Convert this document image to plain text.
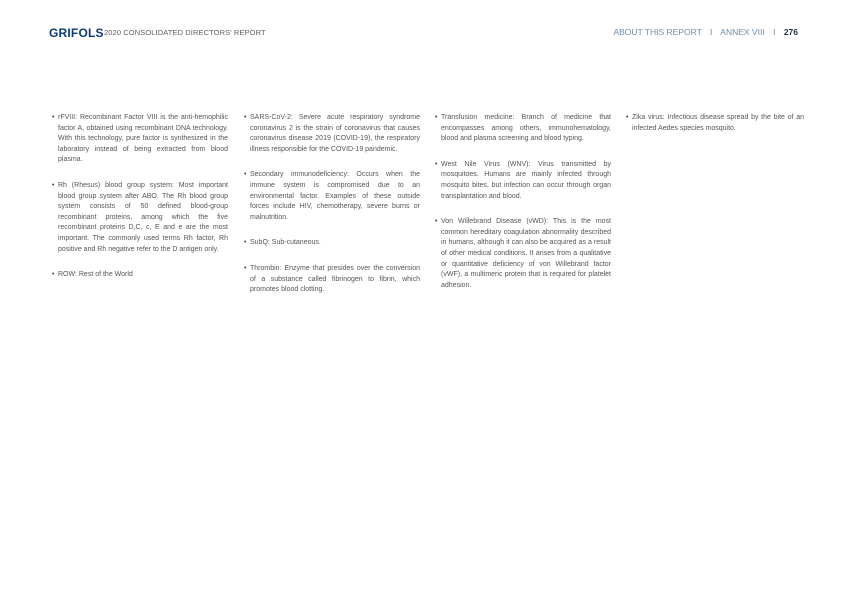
GRIFOLS 2020 CONSOLIDATED DIRECTORS' REPORT	ABOUT THIS REPORT I ANNEX VIII I 276
• rFVIII: Recombinant Factor VIII is the anti-hemophilic factor A, obtained using recombinant DNA technology. With this technology, pure factor is synthesized in the laboratory instead of being extracted from blood plasma.
• Rh (Rhesus) blood group system: Most important blood group system after ABO. The Rh blood group system consists of 50 defined blood-group recombinant proteins, among which the five recombinant proteins D,C, c, E and e are the most important. The commonly used terms Rh factor, Rh positive and Rh negative refer to the D antigen only.
• ROW: Rest of the World
• SARS-CoV-2: Severe acute respiratory syndrome coronavirus 2 is the strain of coronavirus that causes coronavirus disease 2019 (COVID-19), the respiratory illness responsible for the COVID-19 pandemic.
• Secondary immunodeficiency: Occurs when the immune system is compromised due to an environmental factor. Examples of these outside forces include HIV, chemotherapy, severe burns or malnutrition.
• SubQ: Sub-cutaneous.
• Thrombin: Enzyme that presides over the conversion of a substance called fibrinogen to fibrin, which promotes blood clotting.
• Transfusion medicine: Branch of medicine that encompasses among others, immunohematology, blood and plasma screening and blood typing.
• West Nile Virus (WNV): Virus transmitted by mosquitoes. Humans are mainly infected through mosquito bites, but infection can occur through organ transplantation and blood.
• Von Willebrand Disease (vWD): This is the most common hereditary coagulation abnormality described in humans, although it can also be acquired as a result of other medical conditions. It arises from a qualitative or quantitative deficiency of von Willebrand factor (vWF), a multimeric protein that is required for platelet adhesion.
• Zika virus: Infectious disease spread by the bite of an infected Aedes species mosquito.
